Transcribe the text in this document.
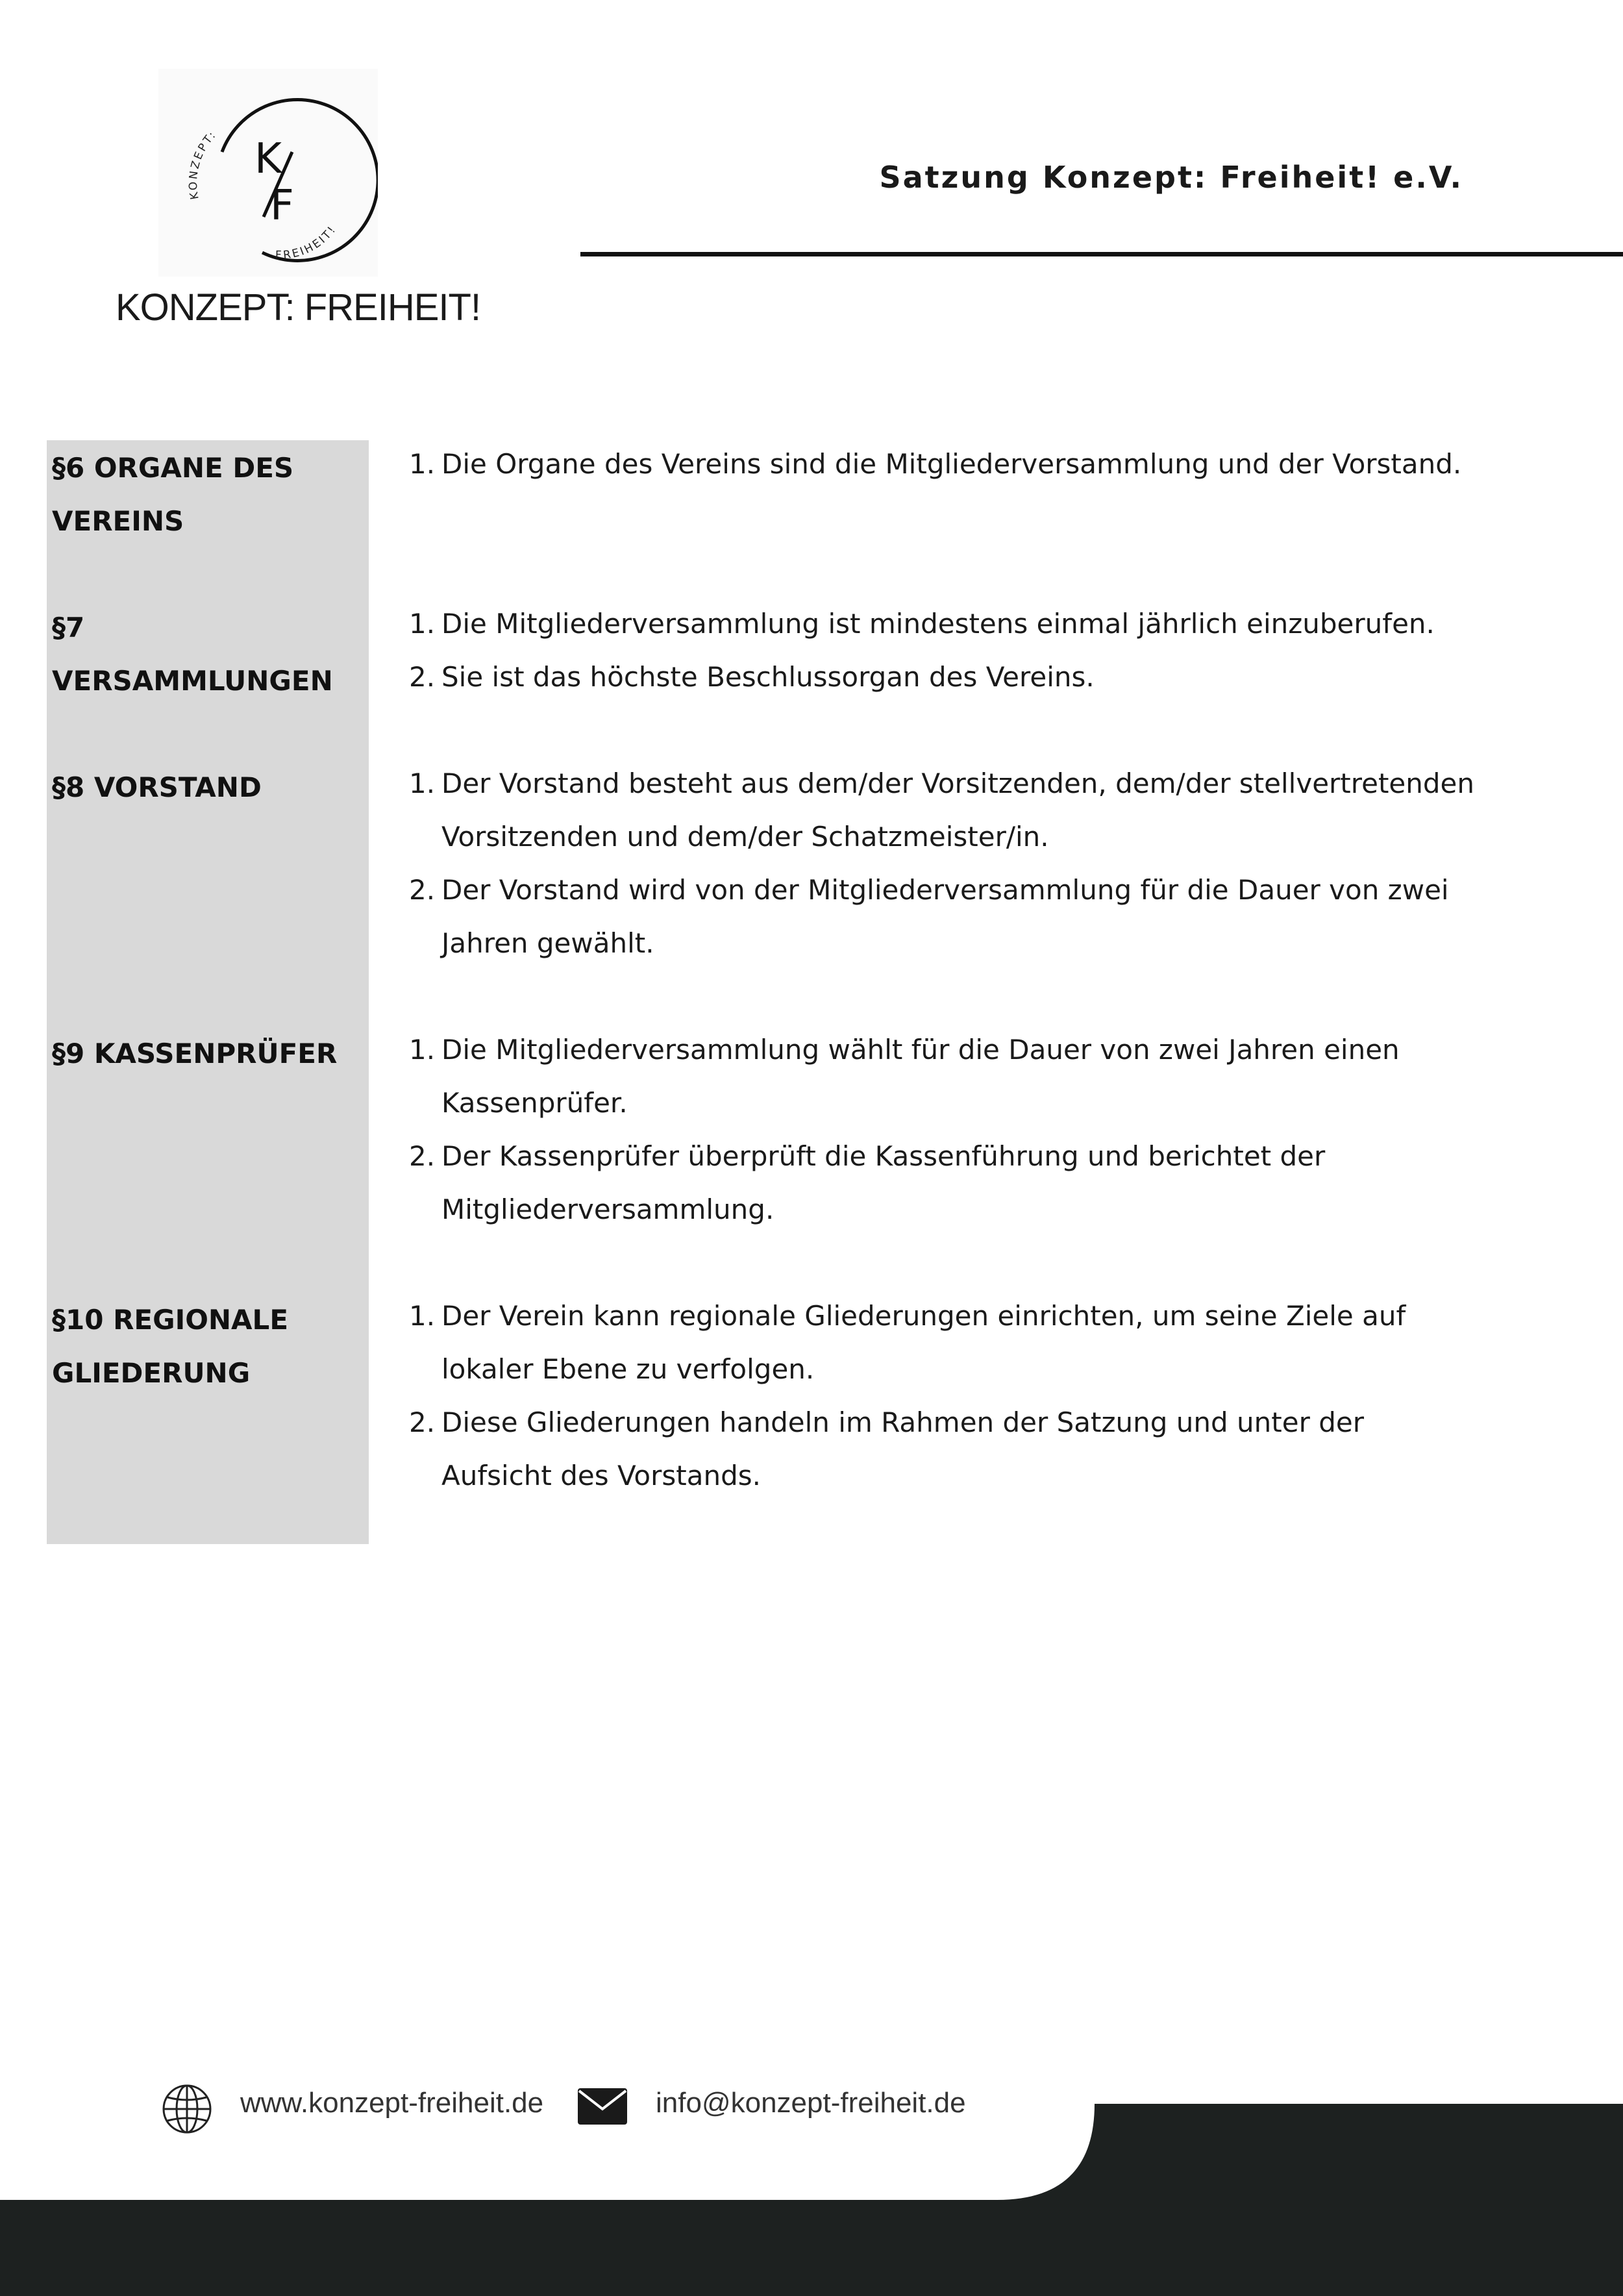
KONZEPT:
FREIHEIT!
K
F
KONZEPT: FREIHEIT!
Satzung Konzept: Freiheit! e.V.
§6 ORGANE DES VEREINS
1. Die Organe des Vereins sind die Mitgliederversammlung und der Vorstand.
§7 VERSAMMLUNGEN
1. Die Mitgliederversammlung ist mindestens einmal jährlich einzuberufen.
2. Sie ist das höchste Beschlussorgan des Vereins.
§8 VORSTAND	1. Der Vorstand besteht aus dem/der Vorsitzenden, dem/der stellvertretenden Vorsitzenden und dem/der Schatzmeister/in.
2. Der Vorstand wird von der Mitgliederversammlung für die Dauer von zwei Jahren gewählt.
§9 KASSENPRÜFER	1. Die Mitgliederversammlung wählt für die Dauer von zwei Jahren einen Kassenprüfer.
2. Der Kassenprüfer überprüft die Kassenführung und berichtet der Mitgliederversammlung.
§10 REGIONALE GLIEDERUNG
1. Der Verein kann regionale Gliederungen einrichten, um seine Ziele auf lokaler Ebene zu verfolgen.
2. Diese Gliederungen handeln im Rahmen der Satzung und unter der Aufsicht des Vorstands.
www.konzept-freiheit.de	info@konzept-freiheit.de
